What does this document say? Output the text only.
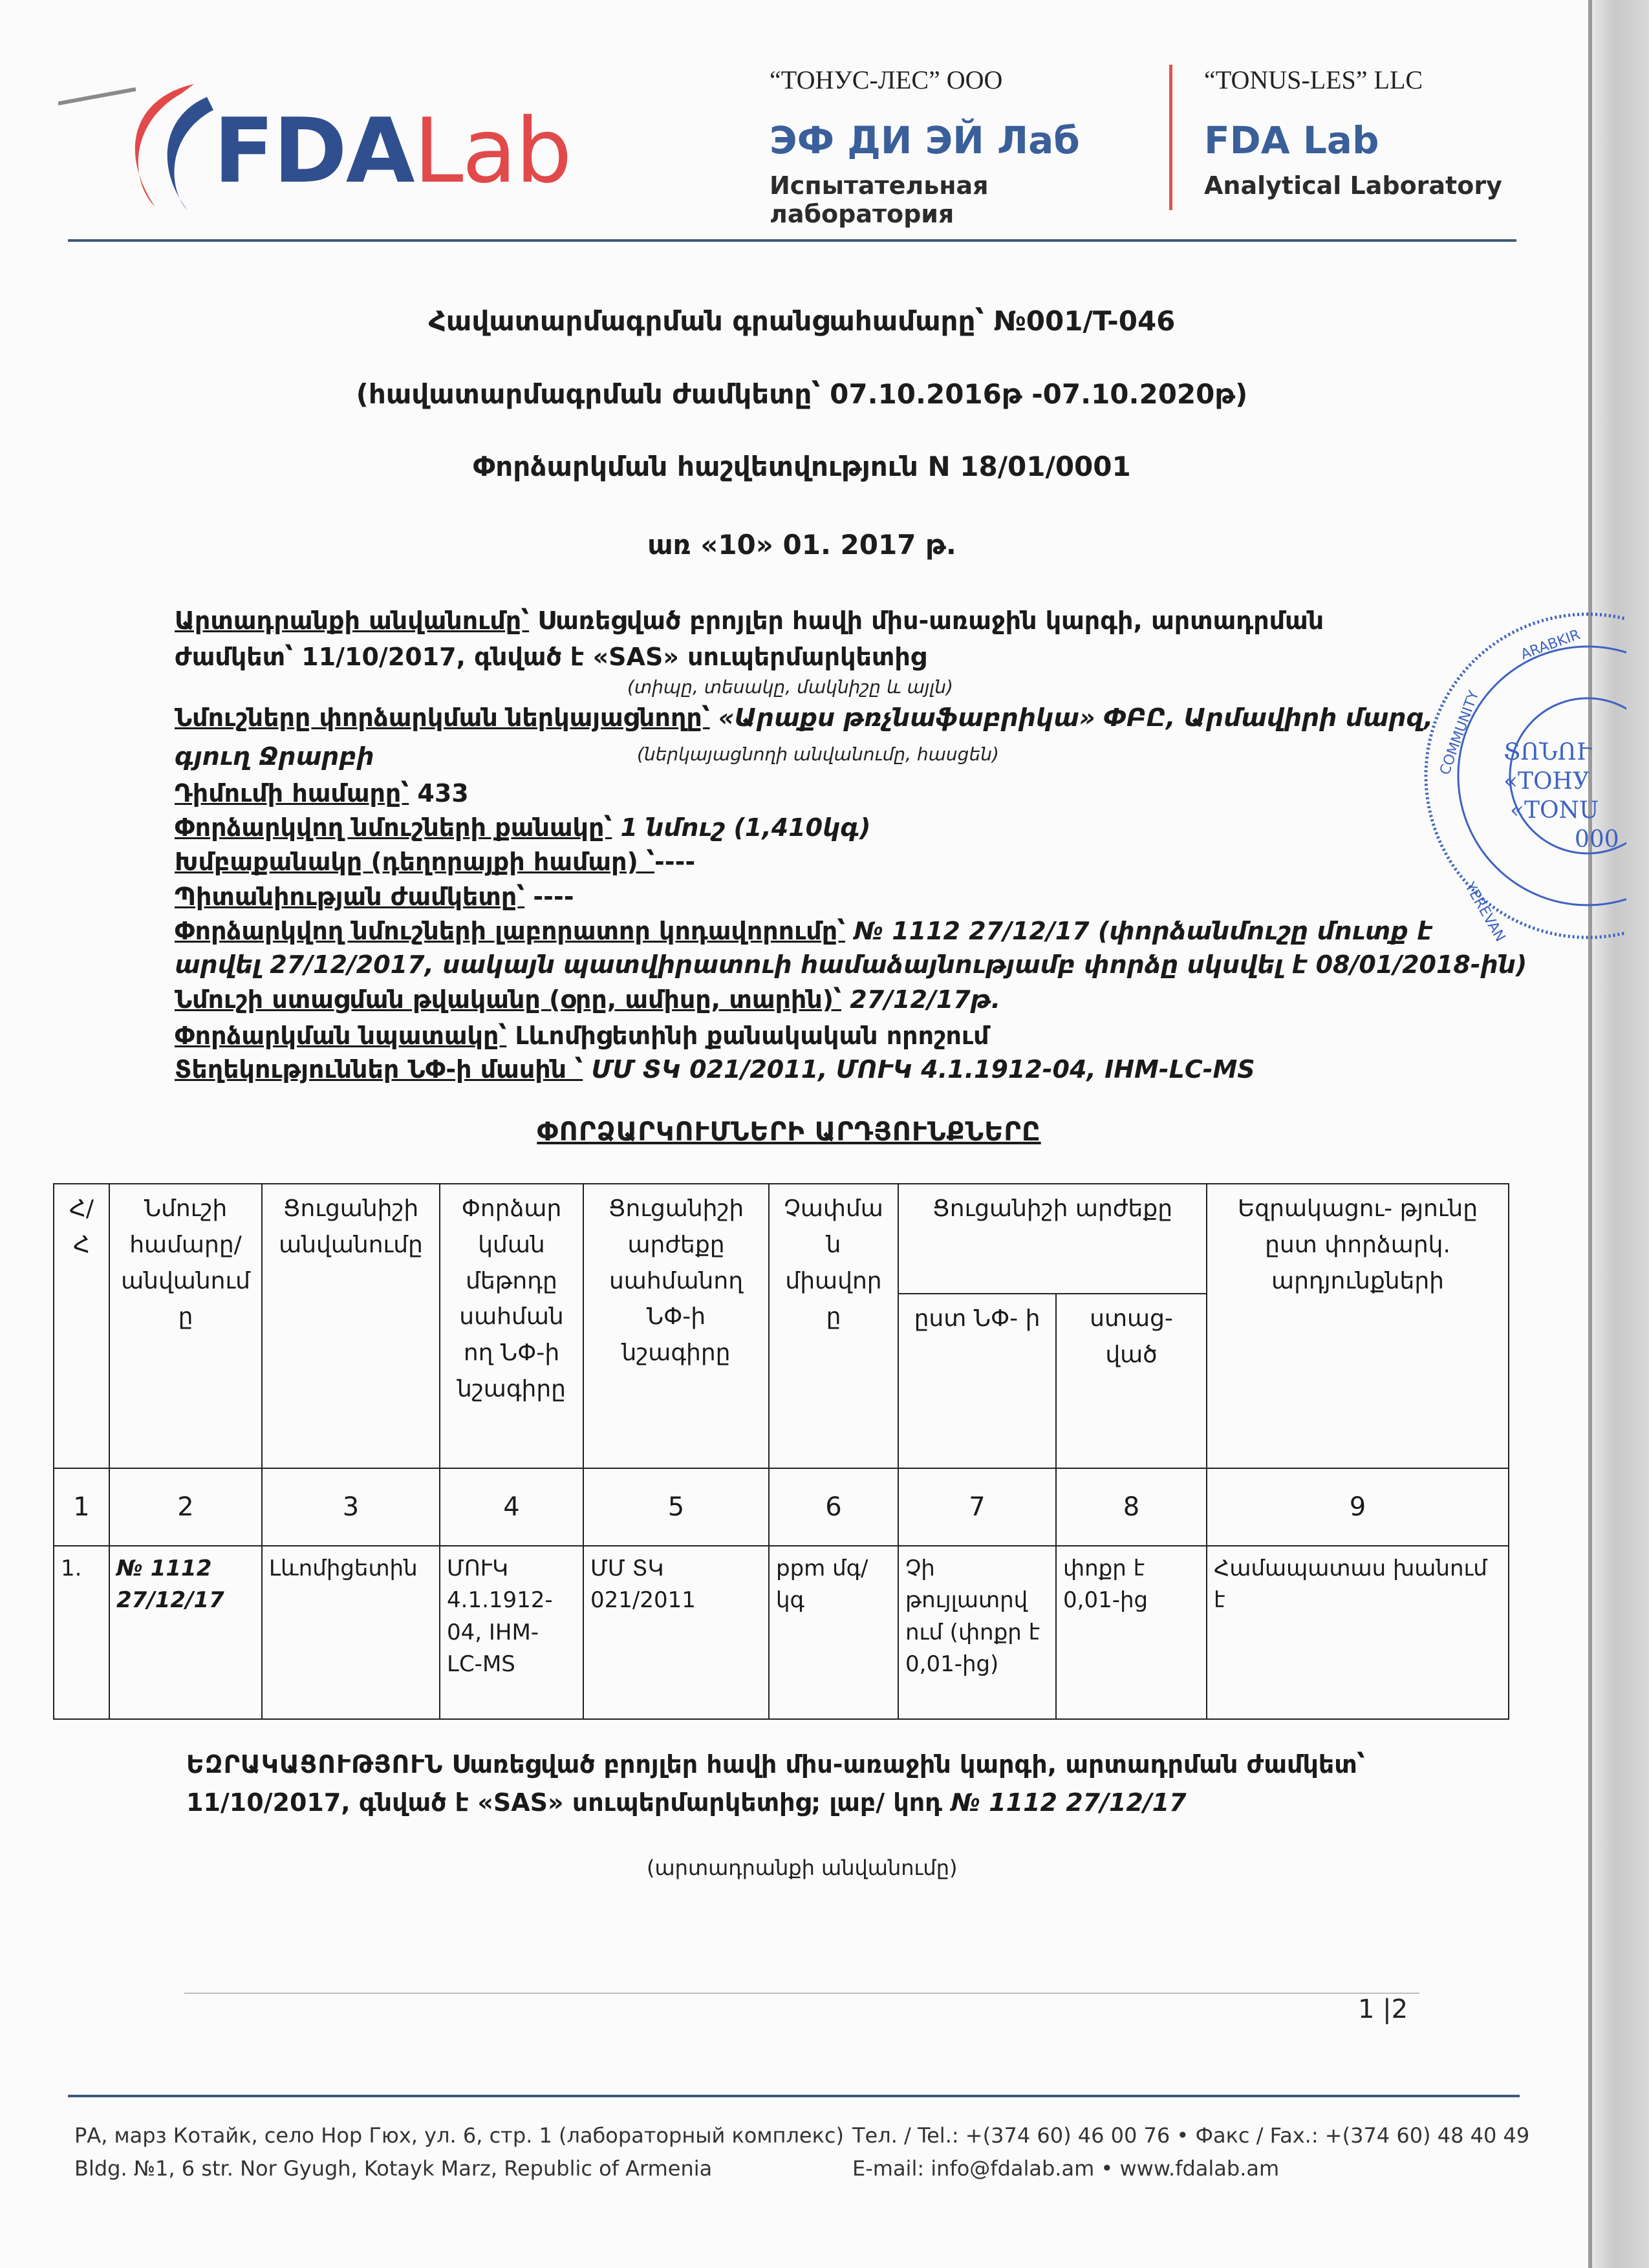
FDALab
“ТОНУС-ЛЕС” ООО
ЭФ ДИ ЭЙ Лаб
Испытательная лаборатория
“TONUS-LES” LLC
FDA Lab
Analytical Laboratory
Հավատարմագրման գրանցահամարը՝ №001/T-046
(հավատարմագրման ժամկետը՝ 07.10.2016թ -07.10.2020թ)
Փորձարկման հաշվետվություն N 18/01/0001
առ «10» 01. 2017 թ.
Արտադրանքի անվանումը՝ Սառեցված բրոյլեր հավի միս-առաջին կարգի, արտադրման
ժամկետ՝ 11/10/2017, գնված է «SAS» սուպերմարկետից
(տիպը, տեսակը, մակնիշը և այլն)
Նմուշները փորձարկման ներկայացնողը՝ «Արաքս թռչնաֆաբրիկա» ՓԲԸ, Արմավիրի մարզ,
գյուղ Ջրարբի	(ներկայացնողի անվանումը, հասցեն)
Դիմումի համարը՝ 433
Փորձարկվող նմուշների քանակը՝ 1 նմուշ (1,410կգ)
Խմբաքանակը (դեղորայքի համար) ՝----
Պիտանիության ժամկետը՝ ----
Փորձարկվող նմուշների լաբորատոր կոդավորումը՝ № 1112 27/12/17 (փորձանմուշը մուտք է
արվել 27/12/2017, սակայն պատվիրատուի համաձայնությամբ փորձը սկսվել է 08/01/2018-ին)
Նմուշի ստացման թվականը (օրը, ամիսը, տարին)՝ 27/12/17թ.
Փորձարկման նպատակը՝ Լևոմիցետինի քանակական որոշում
Տեղեկություններ ՆՓ-ի մասին ՝ ՄՄ ՏԿ 021/2011, ՄՈՒԿ 4.1.1912-04, IHM-LC-MS
ՏՈՆՈՒ
«ТОНУ
«TONU
000
ARABKIR
COMMUNITY
YEREVAN
ՓՈՐՁԱՐԿՈՒՄՆԵՐԻ ԱՐԴՅՈՒՆՔՆԵՐԸ
Հ/ Հ	Նմուշի համարը/ անվանում ը	Ցուցանիշի անվանումը	Փորձար կման մեթոդը սահման ող ՆՓ-ի նշագիրը	Ցուցանիշի արժեքը սահմանող ՆՓ-ի նշագիրը	Չափմա ն միավոր ը	Ցուցանիշի արժեքը		Եզրակացու- թյունը ըստ փորձարկ. արդյունքների
						ըստ ՆՓ- ի	ստաց- ված	
1	2	3	4	5	6	7	8	9
1.	№ 1112 27/12/17	Լևոմիցետին	ՄՈՒԿ 4.1.1912- 04, IHM- LC-MS	ՄՄ ՏԿ 021/2011	ppm մգ/կգ	Չի թույլատրվ ում (փոքր է 0,01-ից)	փոքր է 0,01-ից	Համապատաս խանում է
ԵԶՐԱԿԱՑՈՒԹՅՈՒՆ Սառեցված բրոյլեր հավի միս-առաջին կարգի, արտադրման ժամկետ՝
11/10/2017, գնված է «SAS» սուպերմարկետից; լաբ/ կոդ № 1112 27/12/17
(արտադրանքի անվանումը)
1 |2
РА, марз Котайк, село Нор Гюх, ул. 6, стр. 1 (лабораторный комплекс)
Bldg. №1, 6 str. Nor Gyugh, Kotayk Marz, Republic of Armenia
Тел. / Tel.: +(374 60) 46 00 76 • Факс / Fax.: +(374 60) 48 40 49
E-mail: info@fdalab.am • www.fdalab.am
